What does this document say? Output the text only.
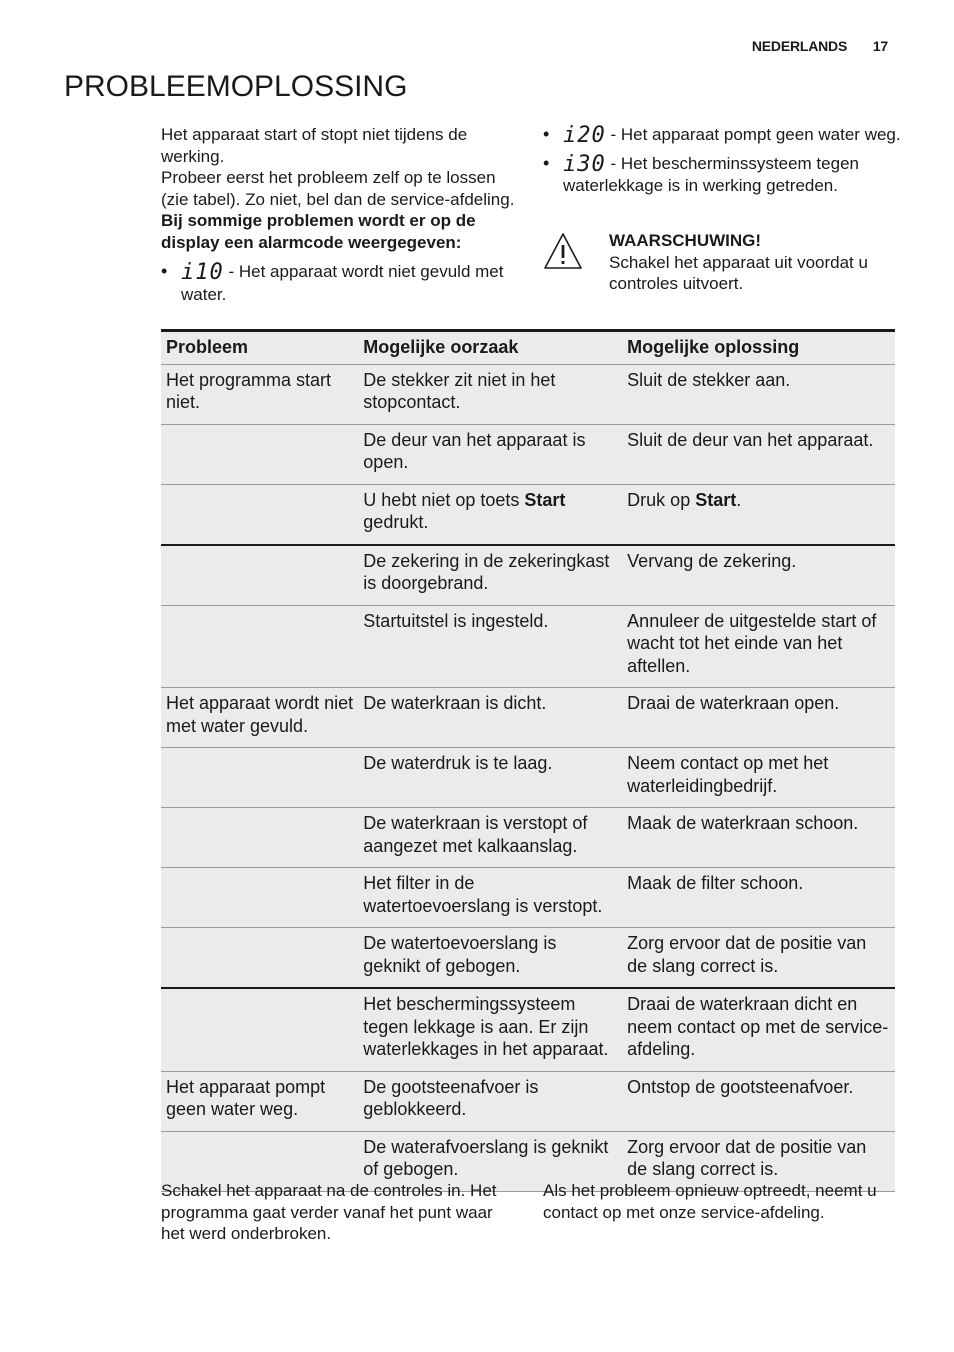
NEDERLANDS 17
PROBLEEMOPLOSSING

Het apparaat start of stopt niet tijdens de werking.

Probeer eerst het probleem zelf op te lossen (zie tabel). Zo niet, bel dan de service-afdeling.

Bij sommige problemen wordt er op de display een alarmcode weergegeven:

• i10 - Het apparaat wordt niet gevuld met water.

• i20 - Het apparaat pompt geen water weg.

• i30 - Het bescherminssysteem tegen waterlekkage is in werking getreden.

WAARSCHUWING!
Schakel het apparaat uit voordat u controles uitvoert.
Probleem	Mogelijke oorzaak	Mogelijke oplossing
Het programma start niet.	De stekker zit niet in het stopcontact.	Sluit de stekker aan.
	De deur van het apparaat is open.	Sluit de deur van het apparaat.
	U hebt niet op toets Start gedrukt.	Druk op Start.
	De zekering in de zekeringkast is doorgebrand.	Vervang de zekering.
	Startuitstel is ingesteld.	Annuleer de uitgestelde start of wacht tot het einde van het aftellen.
Het apparaat wordt niet met water gevuld.	De waterkraan is dicht.	Draai de waterkraan open.
	De waterdruk is te laag.	Neem contact op met het waterleidingbedrijf.
	De waterkraan is verstopt of aangezet met kalkaanslag.	Maak de waterkraan schoon.
	Het filter in de watertoevoerslang is verstopt.	Maak de filter schoon.
	De watertoevoerslang is geknikt of gebogen.	Zorg ervoor dat de positie van de slang correct is.
	Het beschermingssysteem tegen lekkage is aan. Er zijn waterlekkages in het apparaat.	Draai de waterkraan dicht en neem contact op met de service-afdeling.
Het apparaat pompt geen water weg.	De gootsteenafvoer is geblokkeerd.	Ontstop de gootsteenafvoer.
	De waterafvoerslang is geknikt of gebogen.	Zorg ervoor dat de positie van de slang correct is.
Schakel het apparaat na de controles in. Het programma gaat verder vanaf het punt waar het werd onderbroken.
Als het probleem opnieuw optreedt, neemt u contact op met onze service-afdeling.
